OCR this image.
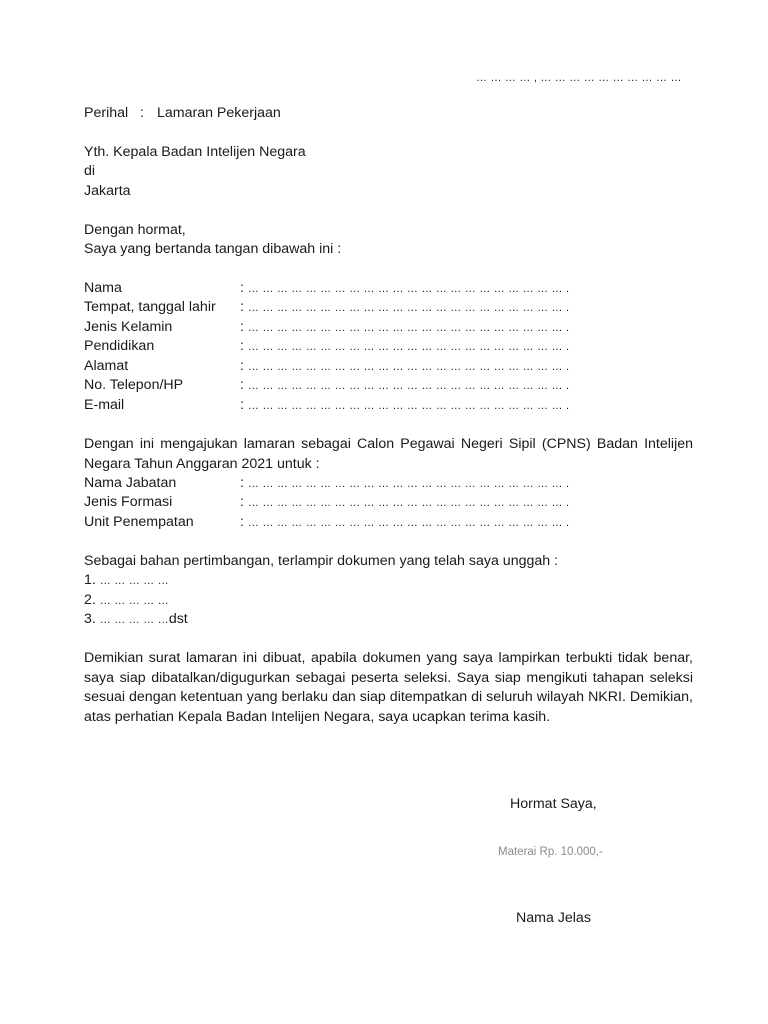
… … … … , … … … … … … … … … …
Perihal : Lamaran Pekerjaan
Yth. Kepala Badan Intelijen Negara
di
Jakarta
Dengan hormat,
Saya yang bertanda tangan dibawah ini :
Nama	: … … … … … … … … … … … … … … … … … … … … … … .
Tempat, tanggal lahir : … … … … … … … … … … … … … … … … … … … … … … .
Jenis Kelamin	: … … … … … … … … … … … … … … … … … … … … … … .
Pendidikan	: … … … … … … … … … … … … … … … … … … … … … … .
Alamat	: … … … … … … … … … … … … … … … … … … … … … … .
No. Telepon/HP	: … … … … … … … … … … … … … … … … … … … … … … .
E-mail	: … … … … … … … … … … … … … … … … … … … … … … .
Dengan ini mengajukan lamaran sebagai Calon Pegawai Negeri Sipil (CPNS) Badan Intelijen Negara Tahun Anggaran 2021 untuk :
Nama Jabatan	: … … … … … … … … … … … … … … … … … … … … … … .
Jenis Formasi	: … … … … … … … … … … … … … … … … … … … … … … .
Unit Penempatan	: … … … … … … … … … … … … … … … … … … … … … … .
Sebagai bahan pertimbangan, terlampir dokumen yang telah saya unggah :
1. … … … … …
2. … … … … …
3. … … … … …dst
Demikian surat lamaran ini dibuat, apabila dokumen yang saya lampirkan terbukti tidak benar, saya siap dibatalkan/digugurkan sebagai peserta seleksi. Saya siap mengikuti tahapan seleksi sesuai dengan ketentuan yang berlaku dan siap ditempatkan di seluruh wilayah NKRI. Demikian, atas perhatian Kepala Badan Intelijen Negara, saya ucapkan terima kasih.
Hormat Saya,
Materai Rp. 10.000,-
Nama Jelas
